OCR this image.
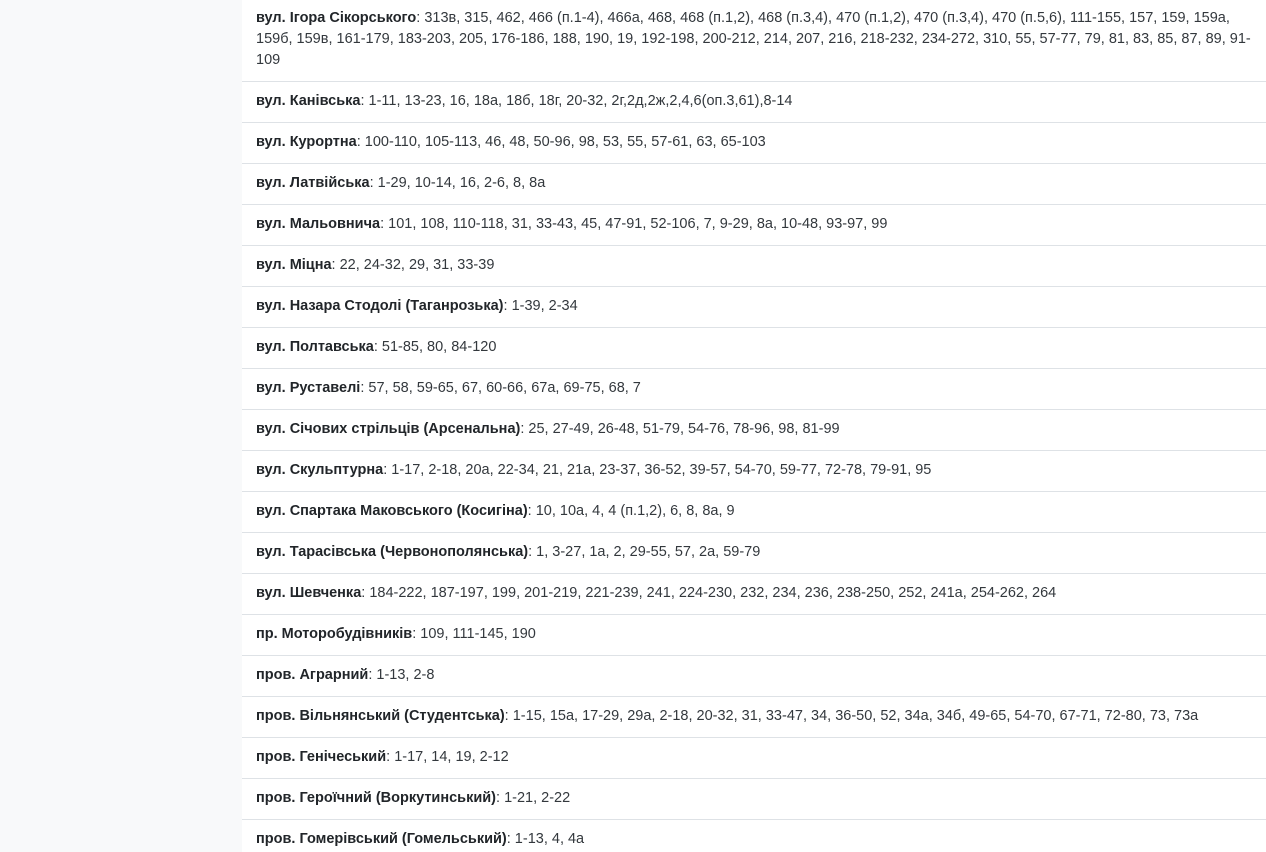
вул. Ігора Сікорського: 313в, 315, 462, 466 (п.1-4), 466а, 468, 468 (п.1,2), 468 (п.3,4), 470 (п.1,2), 470 (п.3,4), 470 (п.5,6), 111-155, 157, 159, 159а, 159б, 159в, 161-179, 183-203, 205, 176-186, 188, 190, 19, 192-198, 200-212, 214, 207, 216, 218-232, 234-272, 310, 55, 57-77, 79, 81, 83, 85, 87, 89, 91-109
вул. Канівська: 1-11, 13-23, 16, 18а, 18б, 18г, 20-32, 2г,2д,2ж,2,4,6(оп.3,61),8-14
вул. Курортна: 100-110, 105-113, 46, 48, 50-96, 98, 53, 55, 57-61, 63, 65-103
вул. Латвійська: 1-29, 10-14, 16, 2-6, 8, 8а
вул. Мальовнича: 101, 108, 110-118, 31, 33-43, 45, 47-91, 52-106, 7, 9-29, 8а, 10-48, 93-97, 99
вул. Міцна: 22, 24-32, 29, 31, 33-39
вул. Назара Стодолі (Таганрозька): 1-39, 2-34
вул. Полтавська: 51-85, 80, 84-120
вул. Руставелі: 57, 58, 59-65, 67, 60-66, 67а, 69-75, 68, 7
вул. Січових стрільців (Арсенальна): 25, 27-49, 26-48, 51-79, 54-76, 78-96, 98, 81-99
вул. Скульптурна: 1-17, 2-18, 20а, 22-34, 21, 21а, 23-37, 36-52, 39-57, 54-70, 59-77, 72-78, 79-91, 95
вул. Спартака Маковського (Косигіна): 10, 10а, 4, 4 (п.1,2), 6, 8, 8а, 9
вул. Тарасівська (Червонополянська): 1, 3-27, 1а, 2, 29-55, 57, 2а, 59-79
вул. Шевченка: 184-222, 187-197, 199, 201-219, 221-239, 241, 224-230, 232, 234, 236, 238-250, 252, 241а, 254-262, 264
пр. Моторобудівників: 109, 111-145, 190
пров. Аграрний: 1-13, 2-8
пров. Вільнянський (Студентська): 1-15, 15а, 17-29, 29а, 2-18, 20-32, 31, 33-47, 34, 36-50, 52, 34а, 34б, 49-65, 54-70, 67-71, 72-80, 73, 73а
пров. Генічеський: 1-17, 14, 19, 2-12
пров. Героїчний (Воркутинський): 1-21, 2-22
пров. Гомерівський (Гомельський): 1-13, 4, 4а
